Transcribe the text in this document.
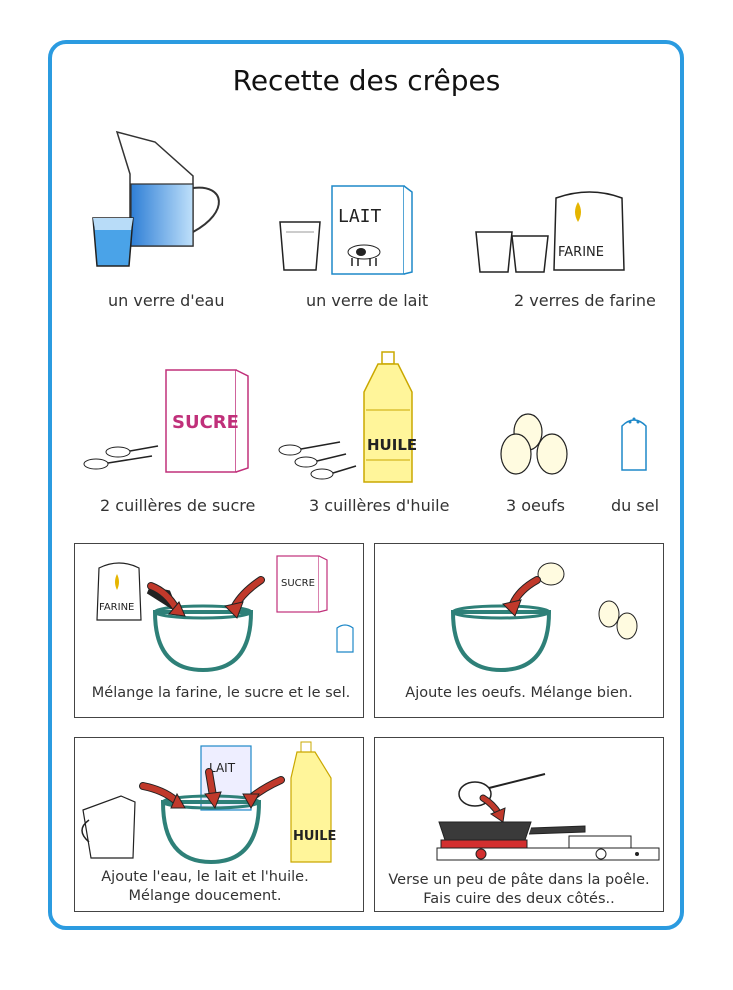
Recette des crêpes
LAIT
FARINE
un verre d'eau	un verre de lait	2 verres de farine
SUCRE
HUILE
2 cuillères de sucre	3 cuillères d'huile	3 oeufs	du sel
FARINE
SUCRE
Mélange la farine, le sucre et le sel.	Ajoute les oeufs. Mélange bien.
LAIT
HUILE
Ajoute l'eau, le lait et l'huile.
Mélange doucement.
Verse un peu de pâte dans la poêle.
Fais cuire des deux côtés..
